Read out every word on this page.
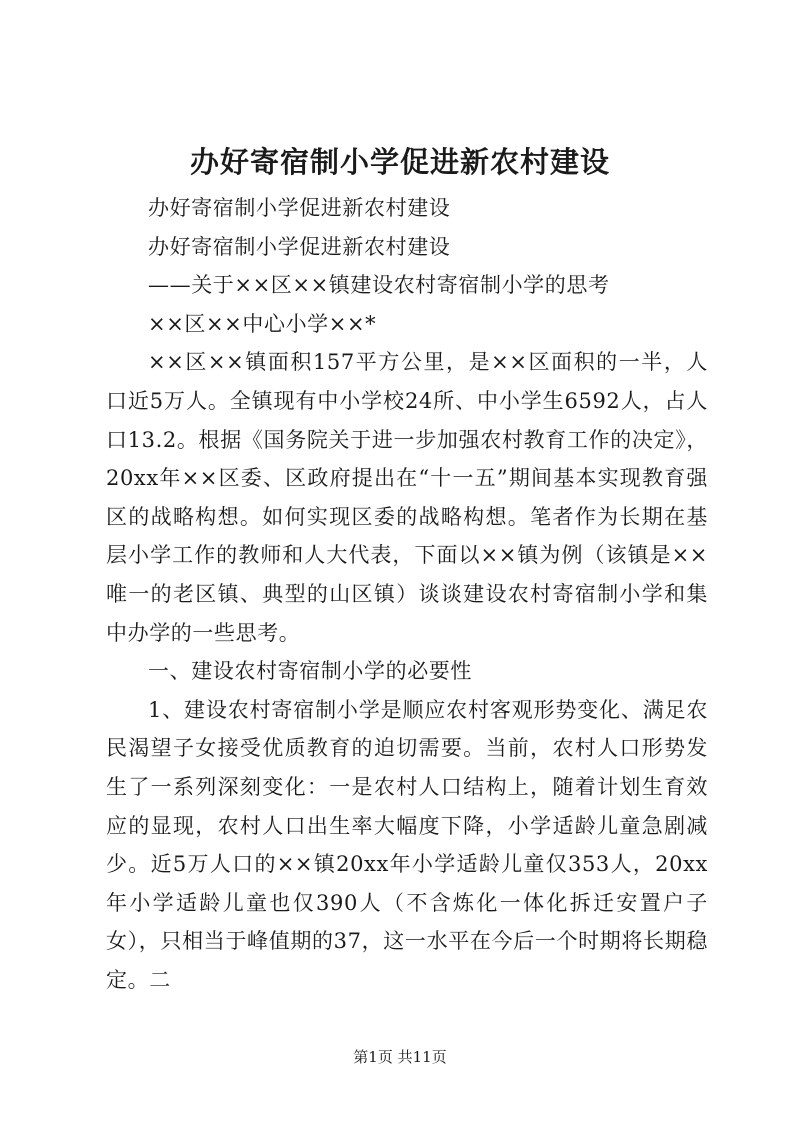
办好寄宿制小学促进新农村建设

办好寄宿制小学促进新农村建设

办好寄宿制小学促进新农村建设

——关于××区××镇建设农村寄宿制小学的思考

××区××中心小学××*

××区××镇面积157平方公里，是××区面积的一半，人口近5万人。全镇现有中小学校24所、中小学生6592人，占人口13.2。根据《国务院关于进一步加强农村教育工作的决定》，20xx年××区委、区政府提出在“十一五”期间基本实现教育强区的战略构想。如何实现区委的战略构想。笔者作为长期在基层小学工作的教师和人大代表，下面以××镇为例（该镇是××唯一的老区镇、典型的山区镇）谈谈建设农村寄宿制小学和集中办学的一些思考。

一、建设农村寄宿制小学的必要性

1、建设农村寄宿制小学是顺应农村客观形势变化、满足农民渴望子女接受优质教育的迫切需要。当前，农村人口形势发生了一系列深刻变化：一是农村人口结构上，随着计划生育效应的显现，农村人口出生率大幅度下降，小学适龄儿童急剧减少。近5万人口的××镇20xx年小学适龄儿童仅353人，20xx年小学适龄儿童也仅390人（不含炼化一体化拆迁安置户子女），只相当于峰值期的37，这一水平在今后一个时期将长期稳定。二

第1页 共11页
